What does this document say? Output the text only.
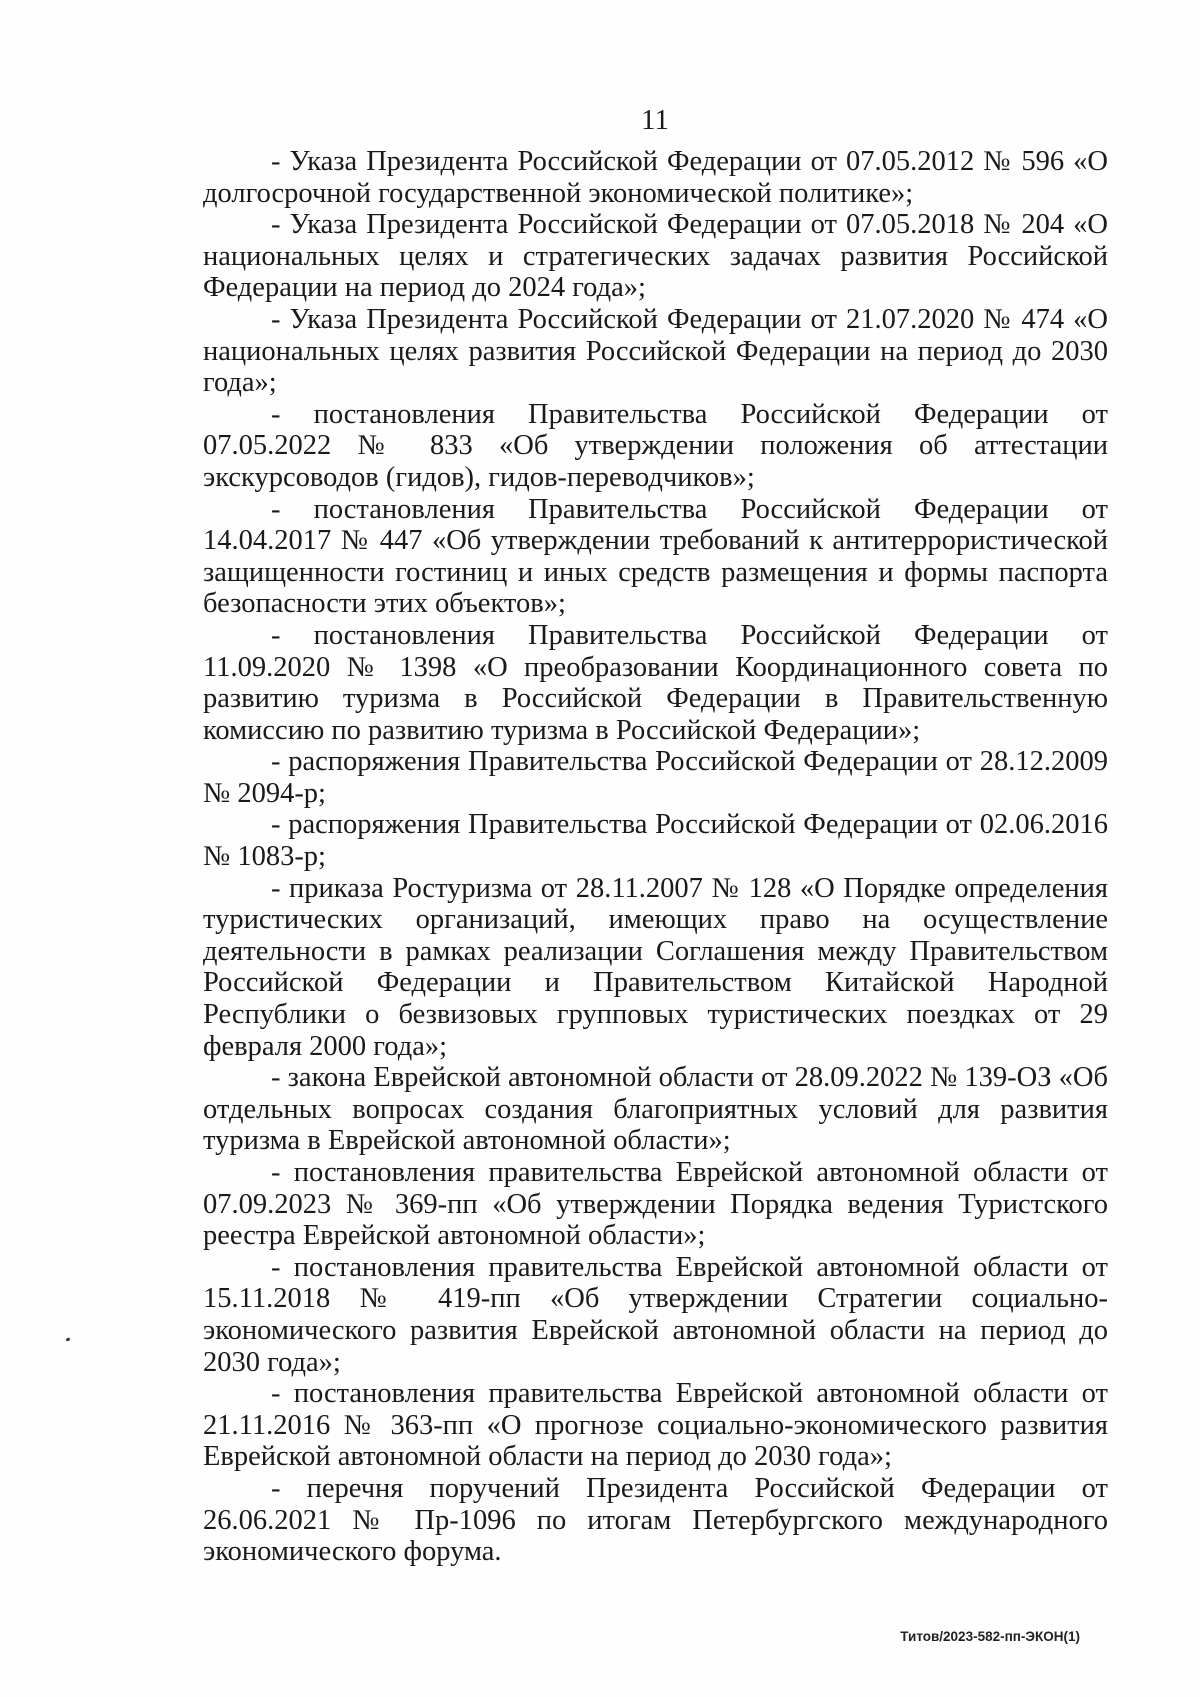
11

- Указа Президента Российской Федерации от 07.05.2012 № 596 «О долгосрочной государственной экономической политике»;

- Указа Президента Российской Федерации от 07.05.2018 № 204 «О национальных целях и стратегических задачах развития Российской Федерации на период до 2024 года»;

- Указа Президента Российской Федерации от 21.07.2020 № 474 «О национальных целях развития Российской Федерации на период до 2030 года»;

- постановления Правительства Российской Федерации от 07.05.2022 № 833 «Об утверждении положения об аттестации экскурсоводов (гидов), гидов-переводчиков»;

- постановления Правительства Российской Федерации от 14.04.2017 № 447 «Об утверждении требований к антитеррористической защищенности гостиниц и иных средств размещения и формы паспорта безопасности этих объектов»;

- постановления Правительства Российской Федерации от 11.09.2020 № 1398 «О преобразовании Координационного совета по развитию туризма в Российской Федерации в Правительственную комиссию по развитию туризма в Российской Федерации»;

- распоряжения Правительства Российской Федерации от 28.12.2009 № 2094-р;

- распоряжения Правительства Российской Федерации от 02.06.2016 № 1083-р;

- приказа Ростуризма от 28.11.2007 № 128 «О Порядке определения туристических организаций, имеющих право на осуществление деятельности в рамках реализации Соглашения между Правительством Российской Федерации и Правительством Китайской Народной Республики о безвизовых групповых туристических поездках от 29 февраля 2000 года»;

- закона Еврейской автономной области от 28.09.2022 № 139-ОЗ «Об отдельных вопросах создания благоприятных условий для развития туризма в Еврейской автономной области»;

- постановления правительства Еврейской автономной области от 07.09.2023 № 369-пп «Об утверждении Порядка ведения Туристского реестра Еврейской автономной области»;

- постановления правительства Еврейской автономной области от 15.11.2018 № 419-пп «Об утверждении Стратегии социально-экономического развития Еврейской автономной области на период до 2030 года»;

- постановления правительства Еврейской автономной области от 21.11.2016 № 363-пп «О прогнозе социально-экономического развития Еврейской автономной области на период до 2030 года»;

- перечня поручений Президента Российской Федерации от 26.06.2021 № Пр-1096 по итогам Петербургского международного экономического форума.

Титов/2023-582-пп-ЭКОН(1)
